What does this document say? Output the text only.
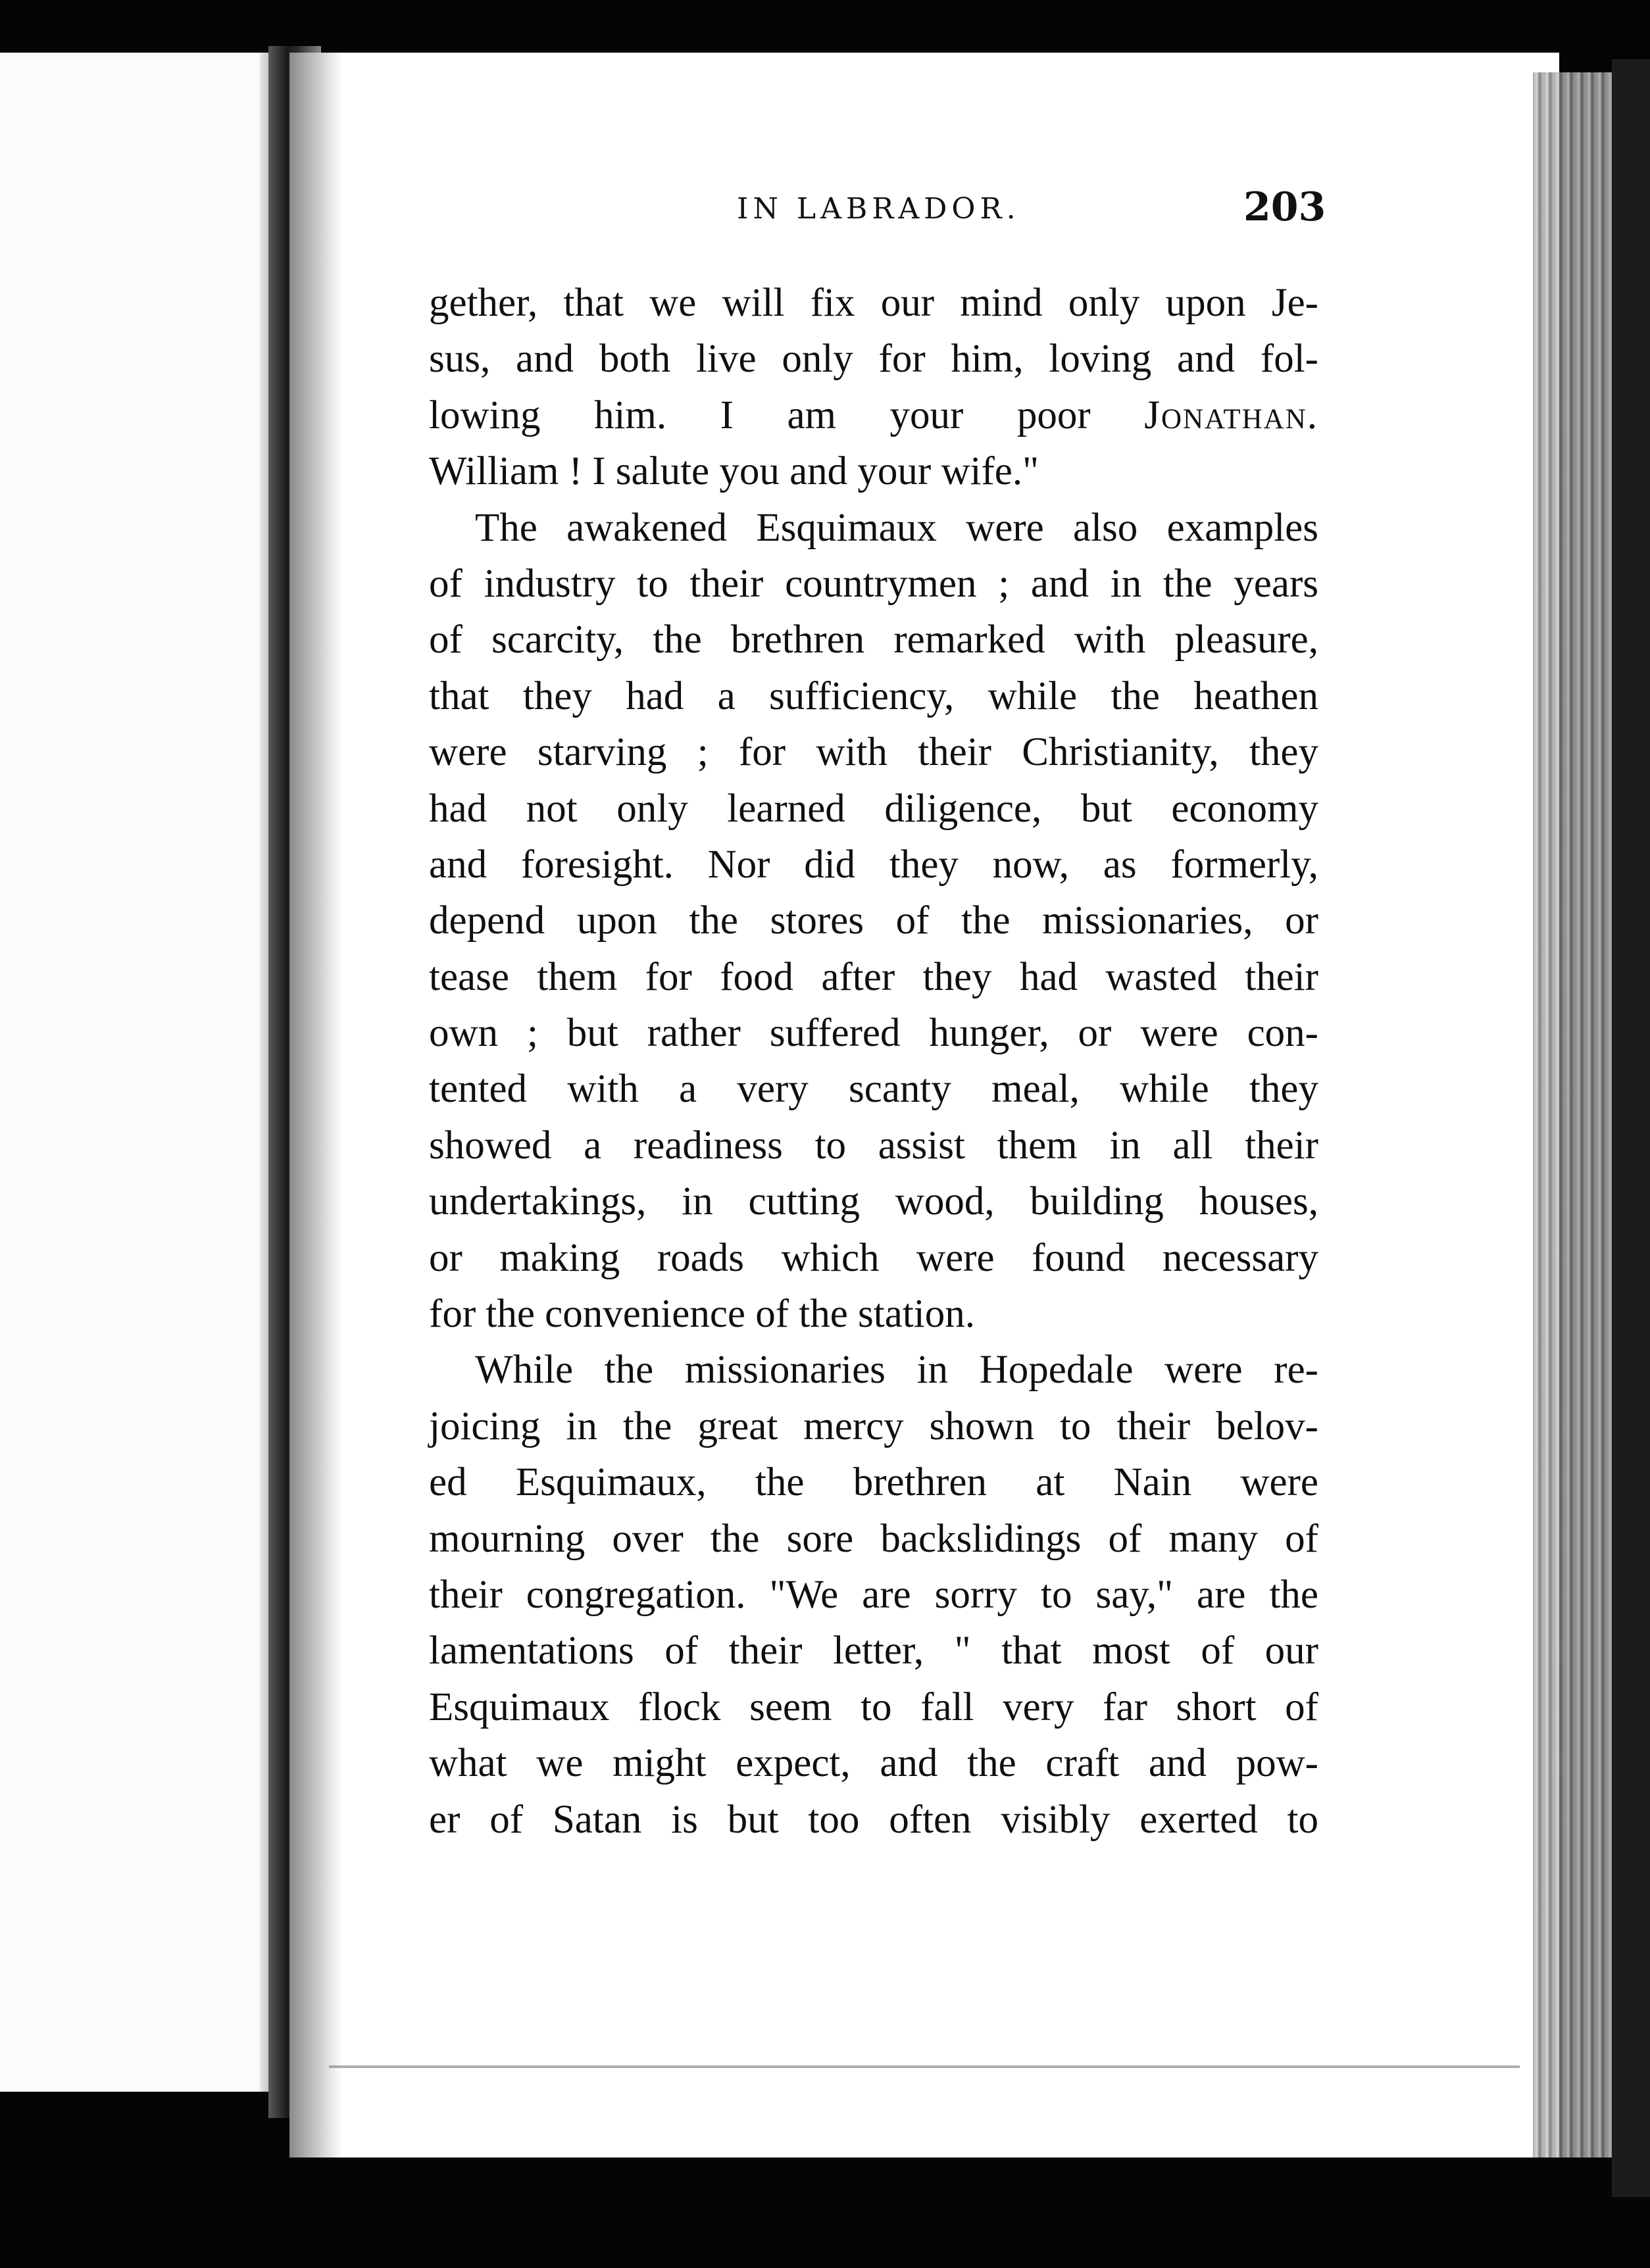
IN LABRADOR.	203
gether, that we will fix our mind only upon Je-
sus, and both live only for him, loving and fol-
lowing him. I am your poor Jonathan.
William ! I salute you and your wife."
The awakened Esquimaux were also examples
of industry to their countrymen ; and in the years
of scarcity, the brethren remarked with pleasure,
that they had a sufficiency, while the heathen
were starving ; for with their Christianity, they
had not only learned diligence, but economy
and foresight. Nor did they now, as formerly,
depend upon the stores of the missionaries, or
tease them for food after they had wasted their
own ; but rather suffered hunger, or were con-
tented with a very scanty meal, while they
showed a readiness to assist them in all their
undertakings, in cutting wood, building houses,
or making roads which were found necessary
for the convenience of the station.
While the missionaries in Hopedale were re-
joicing in the great mercy shown to their belov-
ed Esquimaux, the brethren at Nain were
mourning over the sore backslidings of many of
their congregation. "We are sorry to say," are the
lamentations of their letter, " that most of our
Esquimaux flock seem to fall very far short of
what we might expect, and the craft and pow-
er of Satan is but too often visibly exerted to
